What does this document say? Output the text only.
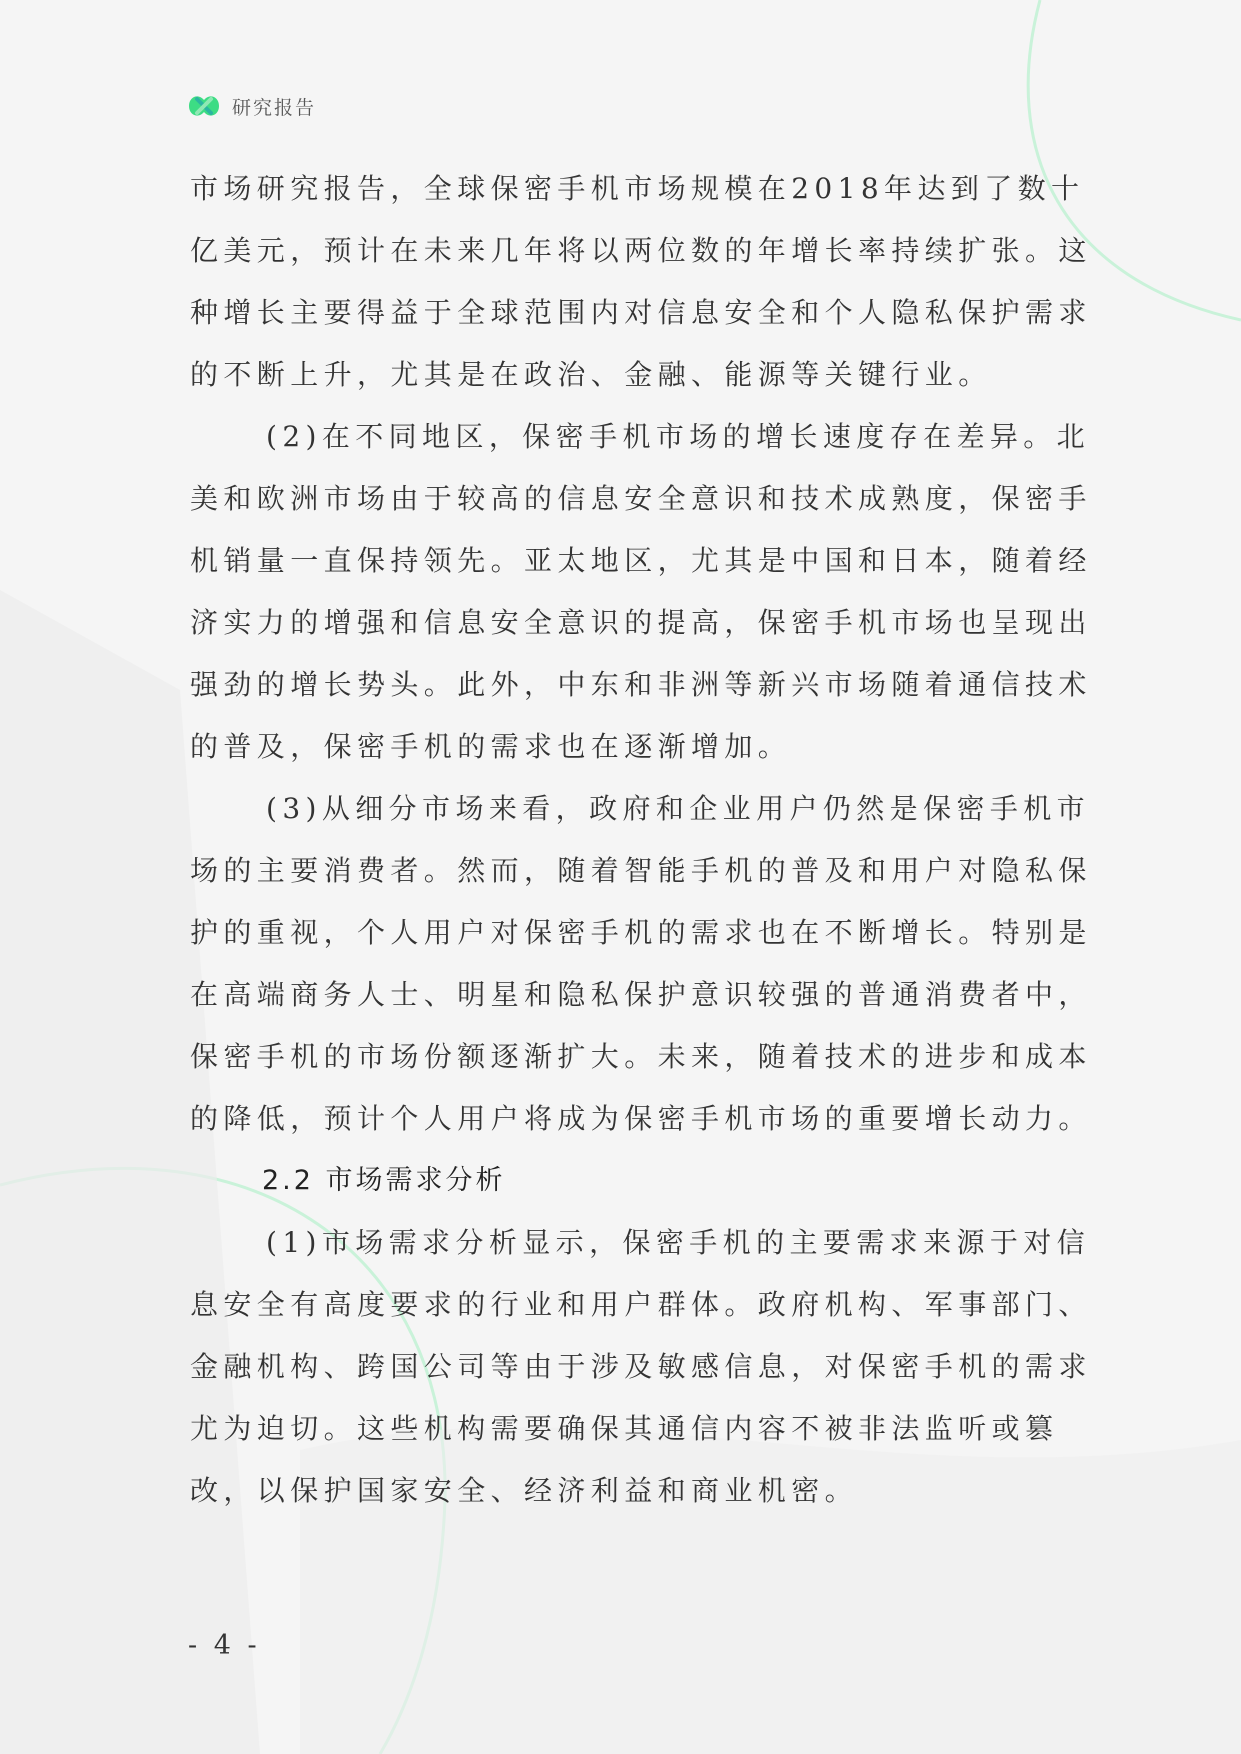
研究报告

市场研究报告，全球保密手机市场规模在2018年达到了数十亿美元，预计在未来几年将以两位数的年增长率持续扩张。这种增长主要得益于全球范围内对信息安全和个人隐私保护需求的不断上升，尤其是在政治、金融、能源等关键行业。

(2)在不同地区，保密手机市场的增长速度存在差异。北美和欧洲市场由于较高的信息安全意识和技术成熟度，保密手机销量一直保持领先。亚太地区，尤其是中国和日本，随着经济实力的增强和信息安全意识的提高，保密手机市场也呈现出强劲的增长势头。此外，中东和非洲等新兴市场随着通信技术的普及，保密手机的需求也在逐渐增加。

(3)从细分市场来看，政府和企业用户仍然是保密手机市场的主要消费者。然而，随着智能手机的普及和用户对隐私保护的重视，个人用户对保密手机的需求也在不断增长。特别是在高端商务人士、明星和隐私保护意识较强的普通消费者中，保密手机的市场份额逐渐扩大。未来，随着技术的进步和成本的降低，预计个人用户将成为保密手机市场的重要增长动力。

2.2 市场需求分析

(1)市场需求分析显示，保密手机的主要需求来源于对信息安全有高度要求的行业和用户群体。政府机构、军事部门、金融机构、跨国公司等由于涉及敏感信息，对保密手机的需求尤为迫切。这些机构需要确保其通信内容不被非法监听或篡改，以保护国家安全、经济利益和商业机密。

- 4 -
